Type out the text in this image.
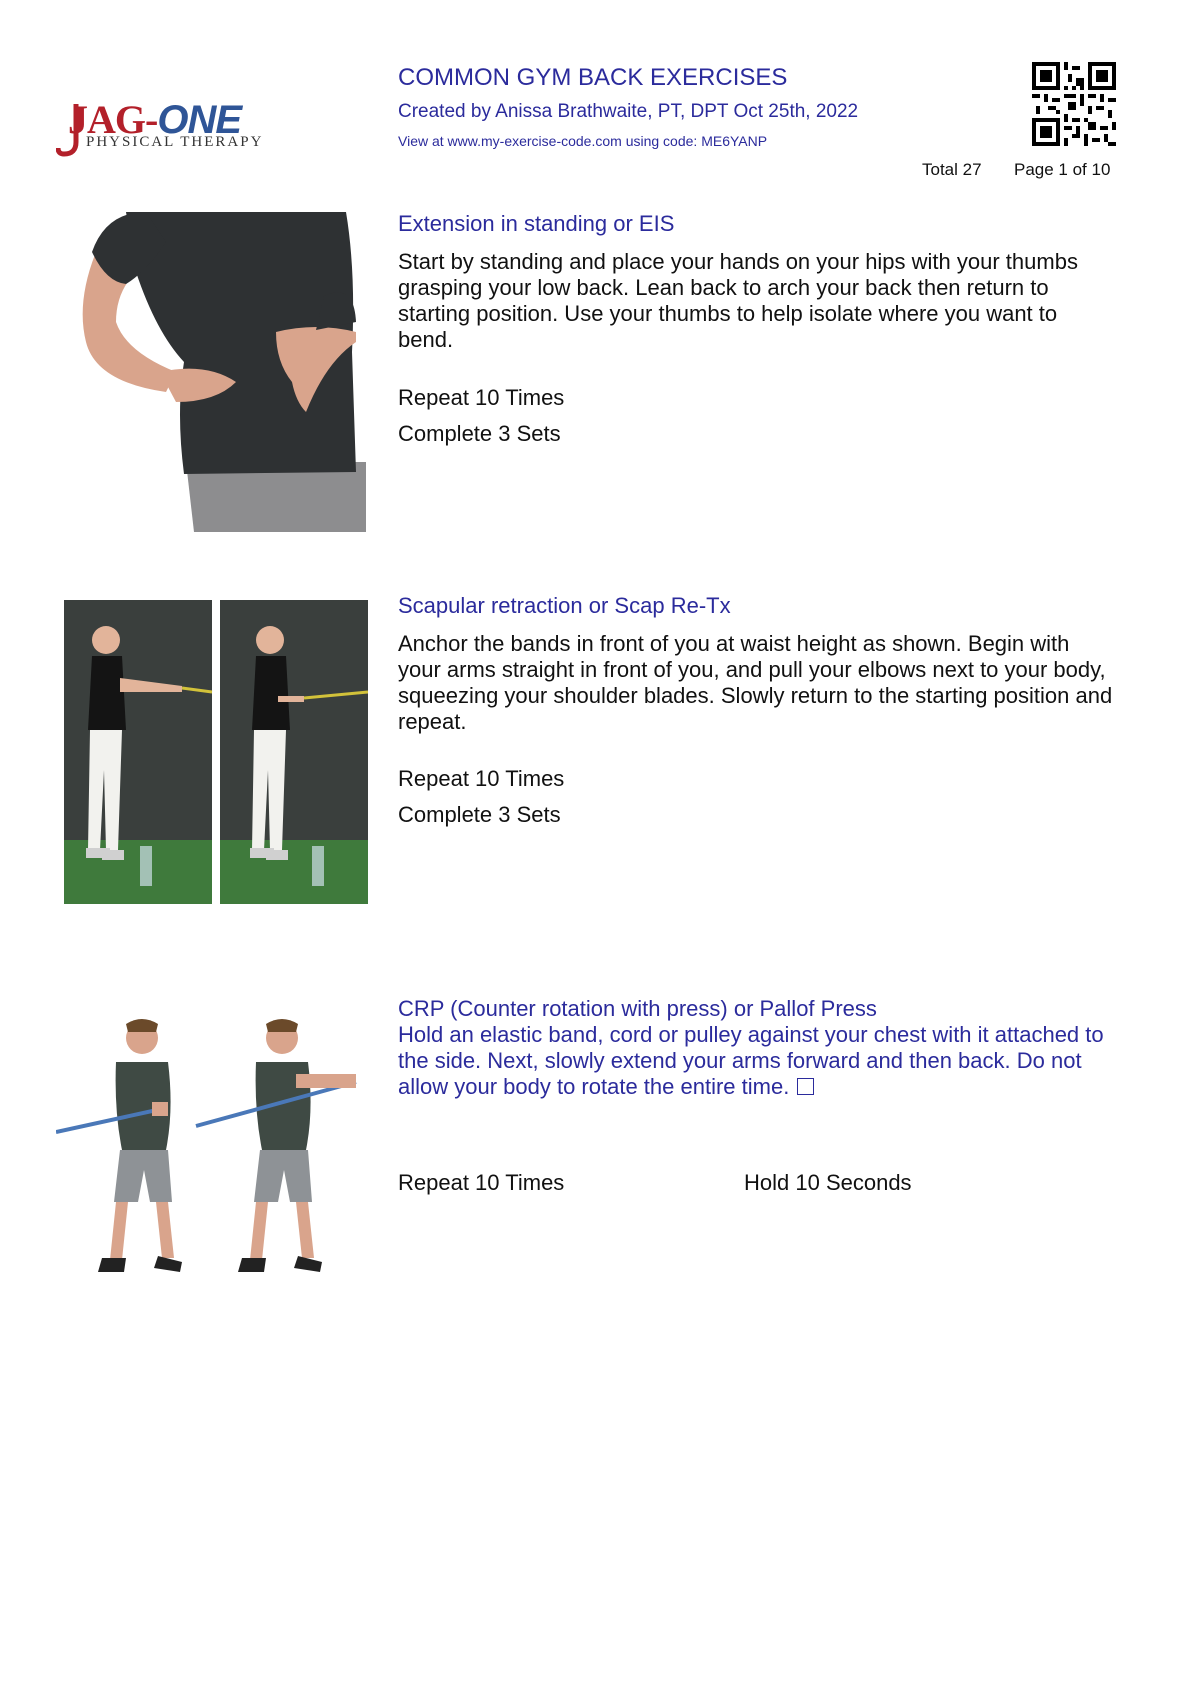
JAG-ONE
PHYSICAL THERAPY
COMMON GYM BACK EXERCISES
Created by Anissa Brathwaite, PT, DPT Oct 25th, 2022
View at www.my-exercise-code.com using code: ME6YANP
Total 27 Page 1 of 10
Extension in standing or EIS
Start by standing and place your hands on your hips with your thumbs grasping your low back. Lean back to arch your back then return to starting position. Use your thumbs to help isolate where you want to bend.
Repeat 10 Times
Complete 3 Sets
Scapular retraction or Scap Re-Tx
Anchor the bands in front of you at waist height as shown. Begin with your arms straight in front of you, and pull your elbows next to your body, squeezing your shoulder blades. Slowly return to the starting position and repeat.
Repeat 10 Times
Complete 3 Sets
CRP (Counter rotation with press) or Pallof Press
Hold an elastic band, cord or pulley against your chest with it attached to the side. Next, slowly extend your arms forward and then back. Do not allow your body to rotate the entire time.
Repeat 10 Times	Hold 10 Seconds
